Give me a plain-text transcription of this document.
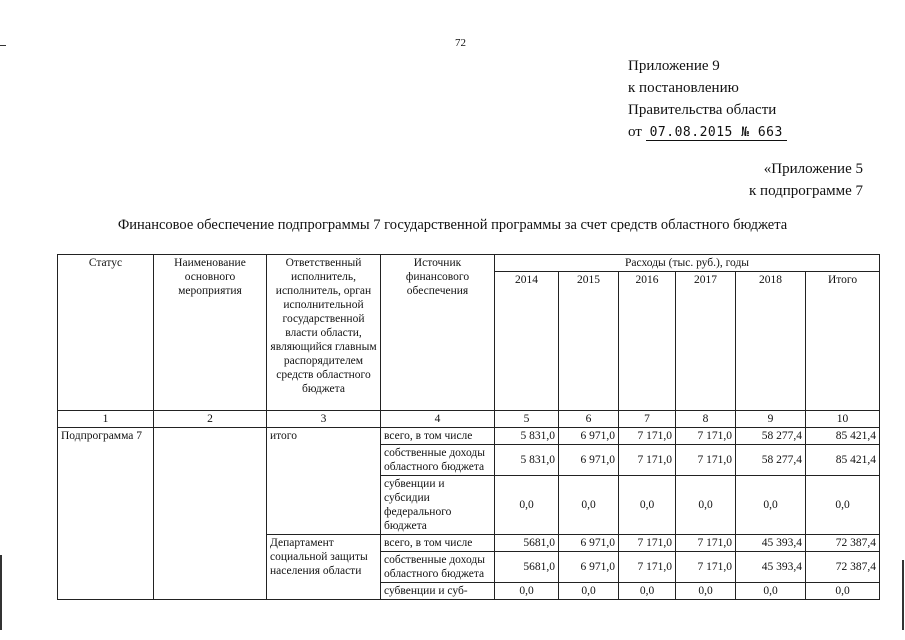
72
Приложение 9
к постановлению
Правительства области
от 07.08.2015 № 663
«Приложение 5
к подпрограмме 7
Финансовое обеспечение подпрограммы 7 государственной программы за счет средств областного бюджета
Статус	Наименование основного мероприятия	Ответственный исполнитель, исполнитель, орган исполнительной государственной власти области, являющийся главным распорядителем средств областного бюджета	Источник финансового обеспечения	Расходы (тыс. руб.), годы					
				2014	2015	2016	2017	2018	Итого
1	2	3	4	5	6	7	8	9	10
Подпрограмма 7		итого	всего, в том числе	5 831,0	6 971,0	7 171,0	7 171,0	58 277,4	85 421,4
			собственные доходы областного бюджета	5 831,0	6 971,0	7 171,0	7 171,0	58 277,4	85 421,4
			субвенции и субсидии федерального бюджета	0,0	0,0	0,0	0,0	0,0	0,0
		Департамент социальной защиты населения области	всего, в том числе	5681,0	6 971,0	7 171,0	7 171,0	45 393,4	72 387,4
			собственные доходы областного бюджета	5681,0	6 971,0	7 171,0	7 171,0	45 393,4	72 387,4
			субвенции и суб-	0,0	0,0	0,0	0,0	0,0	0,0
